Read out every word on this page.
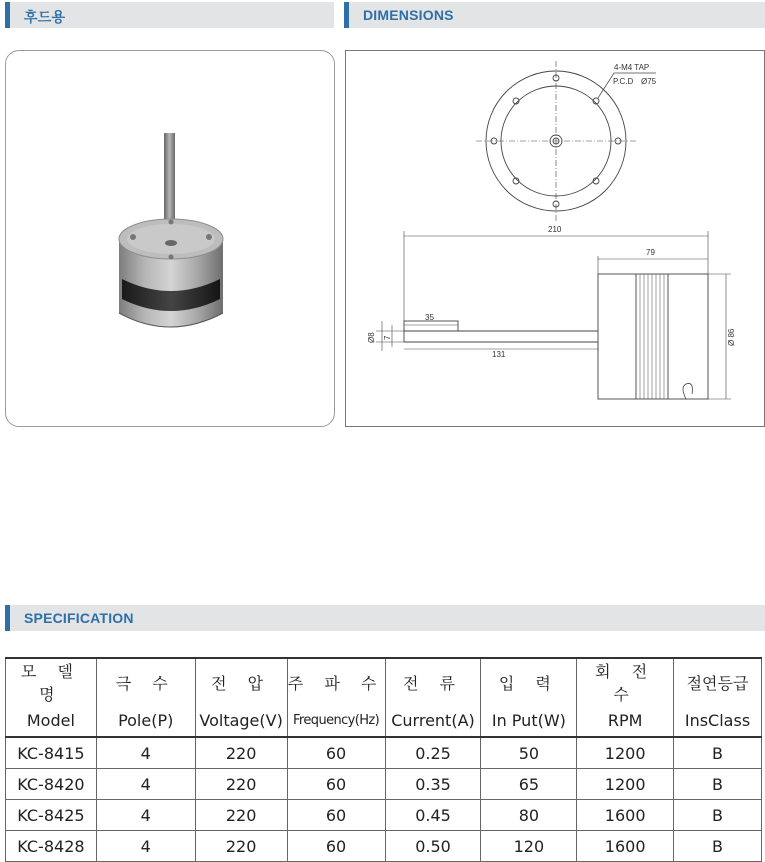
후드용	DIMENSIONS
4-M4 TAP
P.C.D Ø75
210
79
35
131
Ø8 7	Ø 86
SPECIFICATION
모 델 명	극 수	전 압	주 파 수	전 류	입 력	회 전 수	절연등급
Model	Pole(P)	Voltage(V)	Frequency(Hz)	Current(A)	In Put(W)	RPM	InsClass
KC-8415	4	220	60	0.25	50	1200	B
KC-8420	4	220	60	0.35	65	1200	B
KC-8425	4	220	60	0.45	80	1600	B
KC-8428	4	220	60	0.50	120	1600	B
